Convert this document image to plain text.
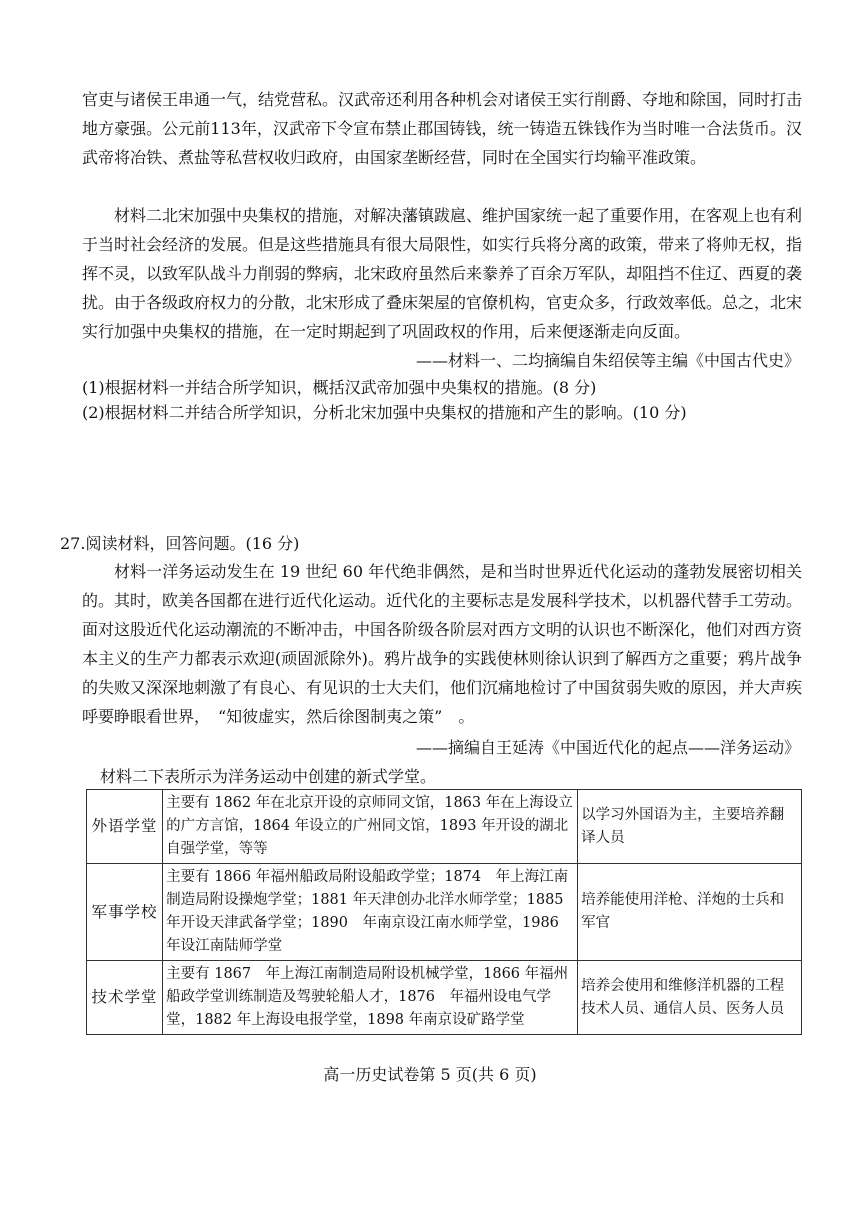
官吏与诸侯王串通一气，结党营私。汉武帝还利用各种机会对诸侯王实行削爵、夺地和除国，同时打击地方豪强。公元前113年，汉武帝下令宣布禁止郡国铸钱，统一铸造五铢钱作为当时唯一合法货币。汉武帝将冶铁、煮盐等私营权收归政府，由国家垄断经营，同时在全国实行均输平准政策。

材料二北宋加强中央集权的措施，对解决藩镇跋扈、维护国家统一起了重要作用，在客观上也有利于当时社会经济的发展。但是这些措施具有很大局限性，如实行兵将分离的政策，带来了将帅无权，指挥不灵，以致军队战斗力削弱的弊病，北宋政府虽然后来豢养了百余万军队，却阻挡不住辽、西夏的袭扰。由于各级政府权力的分散，北宋形成了叠床架屋的官僚机构，官吏众多，行政效率低。总之，北宋实行加强中央集权的措施，在一定时期起到了巩固政权的作用，后来便逐渐走向反面。

——材料一、二均摘编自朱绍侯等主编《中国古代史》

(1)根据材料一并结合所学知识，概括汉武帝加强中央集权的措施。(8 分)

(2)根据材料二并结合所学知识，分析北宋加强中央集权的措施和产生的影响。(10 分)

27.阅读材料，回答问题。(16 分)

材料一洋务运动发生在 19 世纪 60 年代绝非偶然，是和当时世界近代化运动的蓬勃发展密切相关的。其时，欧美各国都在进行近代化运动。近代化的主要标志是发展科学技术，以机器代替手工劳动。面对这股近代化运动潮流的不断冲击，中国各阶级各阶层对西方文明的认识也不断深化，他们对西方资本主义的生产力都表示欢迎(顽固派除外)。鸦片战争的实践使林则徐认识到了解西方之重要；鸦片战争的失败又深深地刺激了有良心、有见识的士大夫们，他们沉痛地检讨了中国贫弱失败的原因，并大声疾呼要睁眼看世界，　“知彼虚实，然后徐图制夷之策”　。

——摘编自王延涛《中国近代化的起点——洋务运动》

材料二下表所示为洋务运动中创建的新式学堂。

外语学堂	主要有 1862 年在北京开设的京师同文馆，1863 年在上海设立的广方言馆，1864 年设立的广州同文馆，1893 年开设的湖北自强学堂，等等	以学习外国语为主，主要培养翻译人员
军事学校	主要有 1866 年福州船政局附设船政学堂；1874　年上海江南制造局附设操炮学堂；1881 年天津创办北洋水师学堂；1885 年开设天津武备学堂；1890　年南京设江南水师学堂，1986　年设江南陆师学堂	培养能使用洋枪、洋炮的士兵和军官
技术学堂	主要有 1867　年上海江南制造局附设机械学堂，1866 年福州船政学堂训练制造及驾驶轮船人才，1876　年福州设电气学堂，1882 年上海设电报学堂，1898 年南京设矿路学堂	培养会使用和维修洋机器的工程技术人员、通信人员、医务人员

高一历史试卷第 5 页(共 6 页)
